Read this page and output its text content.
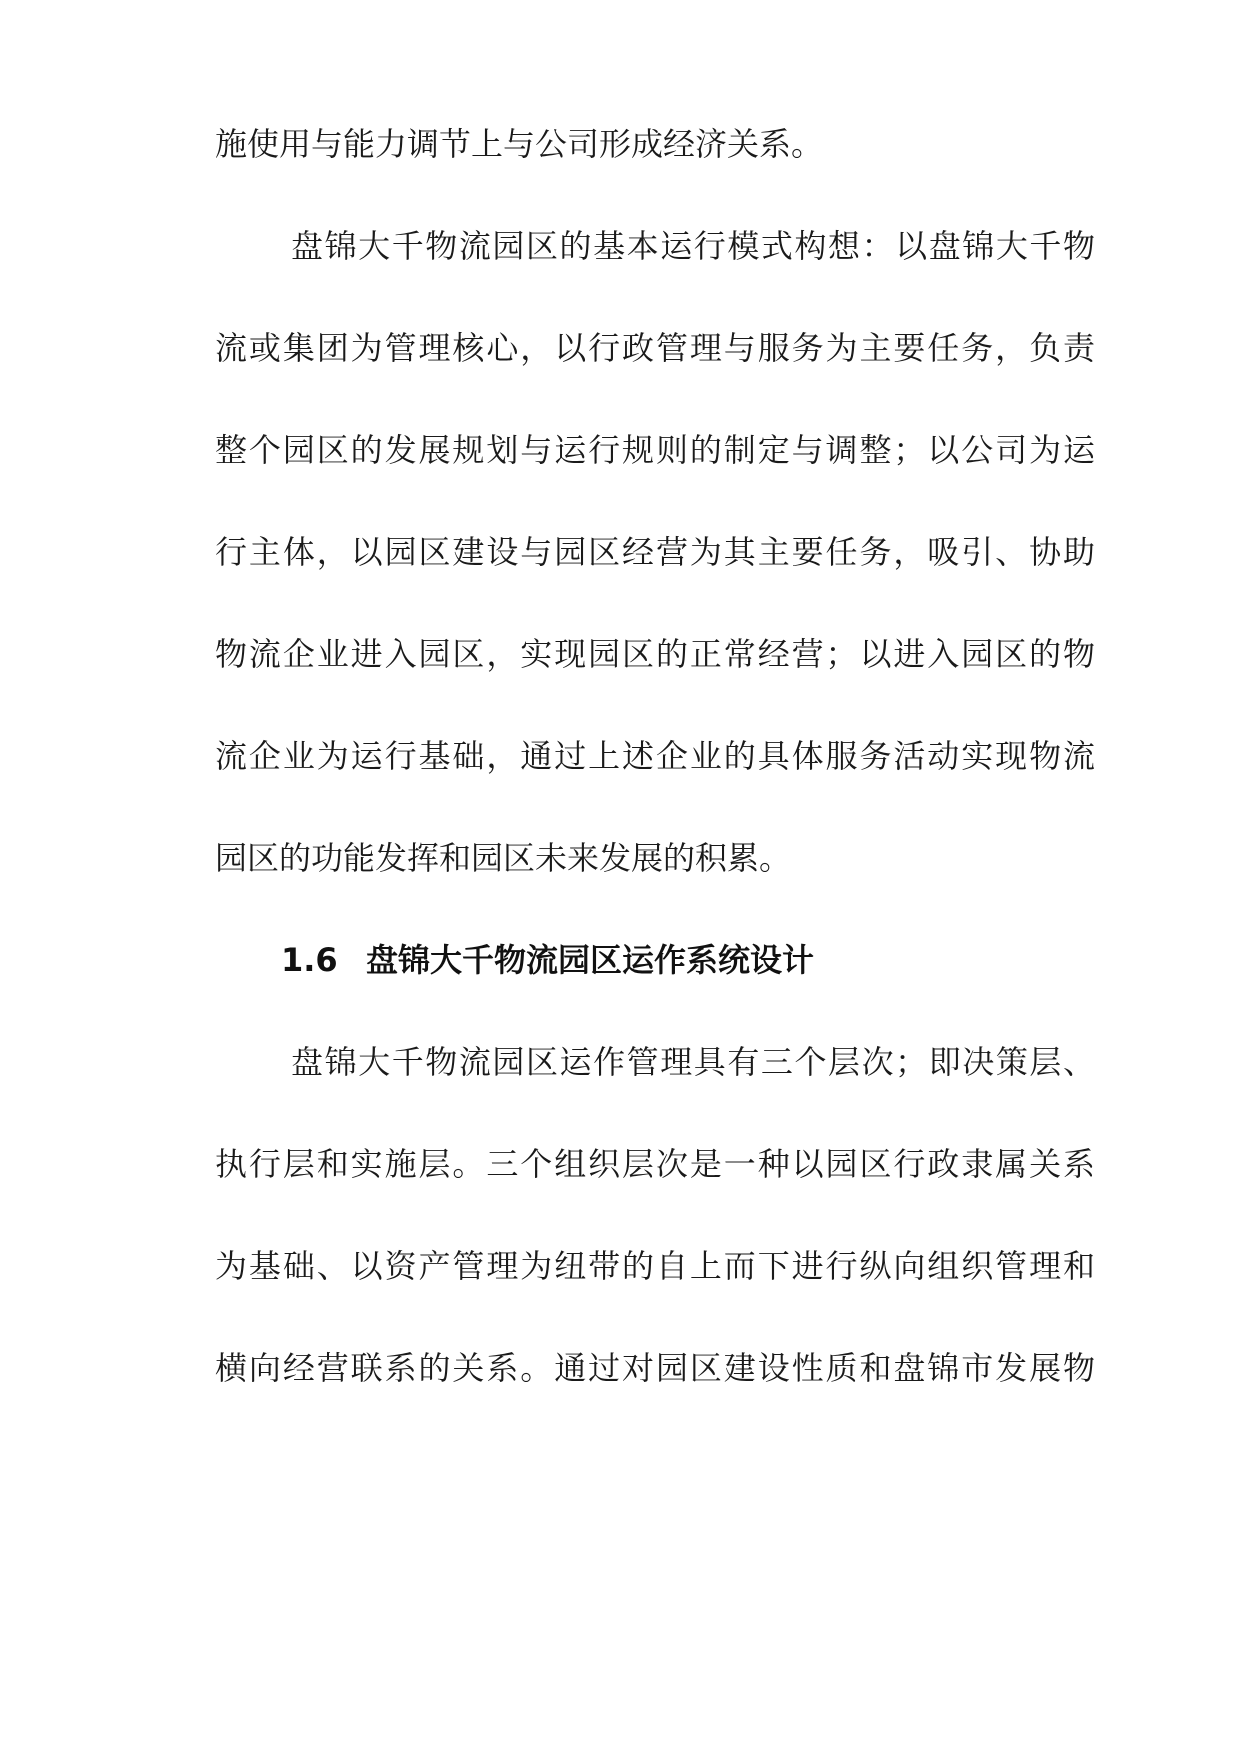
施使用与能力调节上与公司形成经济关系。
盘锦大千物流园区的基本运行模式构想：以盘锦大千物
流或集团为管理核心，以行政管理与服务为主要任务，负责
整个园区的发展规划与运行规则的制定与调整；以公司为运
行主体，以园区建设与园区经营为其主要任务，吸引、协助
物流企业进入园区，实现园区的正常经营；以进入园区的物
流企业为运行基础，通过上述企业的具体服务活动实现物流
园区的功能发挥和园区未来发展的积累。
1.6 盘锦大千物流园区运作系统设计
盘锦大千物流园区运作管理具有三个层次；即决策层、
执行层和实施层。三个组织层次是一种以园区行政隶属关系
为基础、以资产管理为纽带的自上而下进行纵向组织管理和
横向经营联系的关系。通过对园区建设性质和盘锦市发展物
